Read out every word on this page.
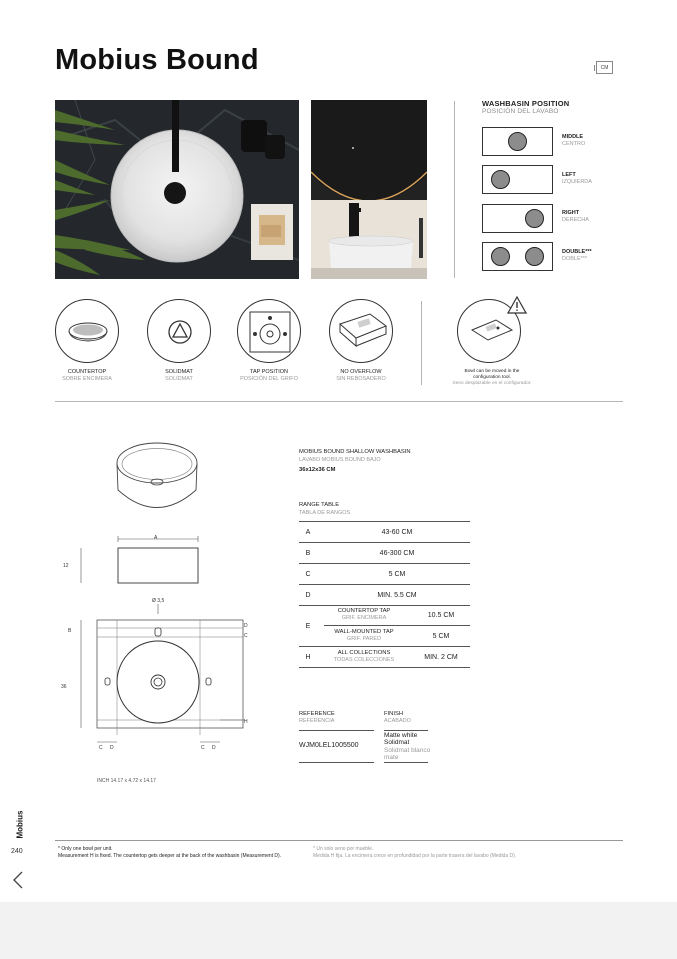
Mobius Bound	CM
WASHBASIN POSITION
POSICIÓN DEL LAVABO
MIDDLE
CENTRO
LEFT
IZQUIERDA
RIGHT
DERECHA
DOUBLE***
DOBLE***
COUNTERTOP
SOBRE ENCIMERA
SOLIDMAT
SOLIDMAT
TAP POSITION
POSICIÓN DEL GRIFO
NO OVERFLOW
SIN REBOSADERO
Bowl can be moved in the configuration tool.
Seno desplazable en el configurador.
A
12
Ø 3,5
B
D
C
36
H
C D	C D
INCH 14.17 x 4.72 x 14.17
MOBIUS BOUND SHALLOW WASHBASIN
LAVABO MOBIUS BOUND BAJO
36x12x36 CM
RANGE TABLE
TABLA DE RANGOS
A	43-60 CM
B	46-300 CM
C	5 CM
D	MIN. 5.5 CM
E
COUNTERTOP TAP
GRIF. ENCIMERA	10.5 CM
WALL-MOUNTED TAP
GRIF. PARED	5 CM
H
ALL COLLECTIONS
TODAS COLECCIONES	MIN. 2 CM
REFERENCE
REFERENCIA
FINISH
ACABADO
WJM0LEL1005500
Matte white Solidmat
Solidmat blanco mate
Mobius
240	* Only one bowl per unit.
Measurement H is fixed. The countertop gets deeper at the back of the washbasin (Measurement D).
* Un solo seno por mueble.
Medida H fija. La encimera crece en profundidad por la parte trasera del lavabo (Medida D).
